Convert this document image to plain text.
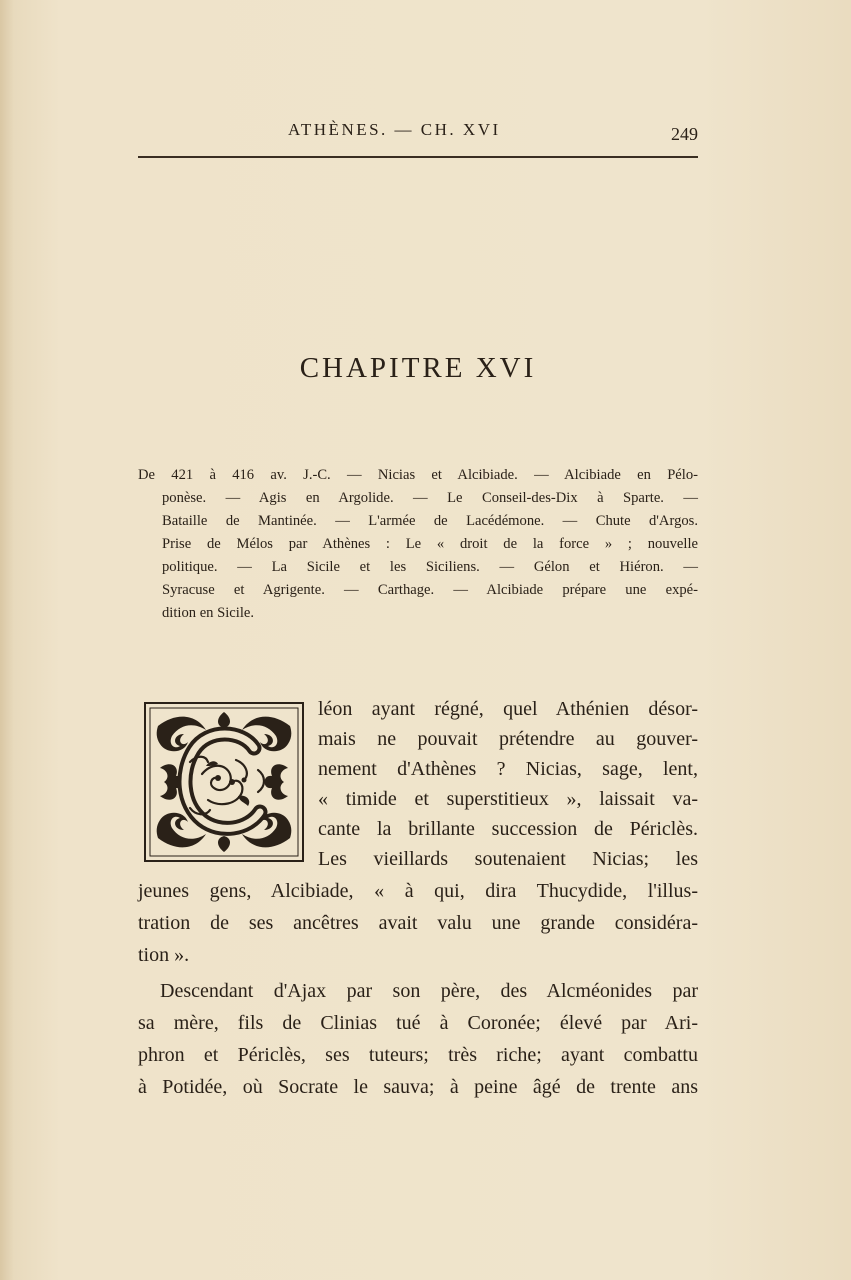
ATHÈNES. — CH. XVI	249
CHAPITRE XVI
De 421 à 416 av. J.-C. — Nicias et Alcibiade. — Alcibiade en Pélo-
ponèse. — Agis en Argolide. — Le Conseil-des-Dix à Sparte. —
Bataille de Mantinée. — L'armée de Lacédémone. — Chute d'Argos.
Prise de Mélos par Athènes : Le « droit de la force » ; nouvelle
politique. — La Sicile et les Siciliens. — Gélon et Hiéron. —
Syracuse et Agrigente. — Carthage. — Alcibiade prépare une expé-
dition en Sicile.
léon ayant régné, quel Athénien désor-
mais ne pouvait prétendre au gouver-
nement d'Athènes ? Nicias, sage, lent,
« timide et superstitieux », laissait va-
cante la brillante succession de Périclès.
Les vieillards soutenaient Nicias; les
jeunes gens, Alcibiade, « à qui, dira Thucydide, l'illus-
tration de ses ancêtres avait valu une grande considéra-
tion ».
Descendant d'Ajax par son père, des Alcméonides par
sa mère, fils de Clinias tué à Coronée; élevé par Ari-
phron et Périclès, ses tuteurs; très riche; ayant combattu
à Potidée, où Socrate le sauva; à peine âgé de trente ans
